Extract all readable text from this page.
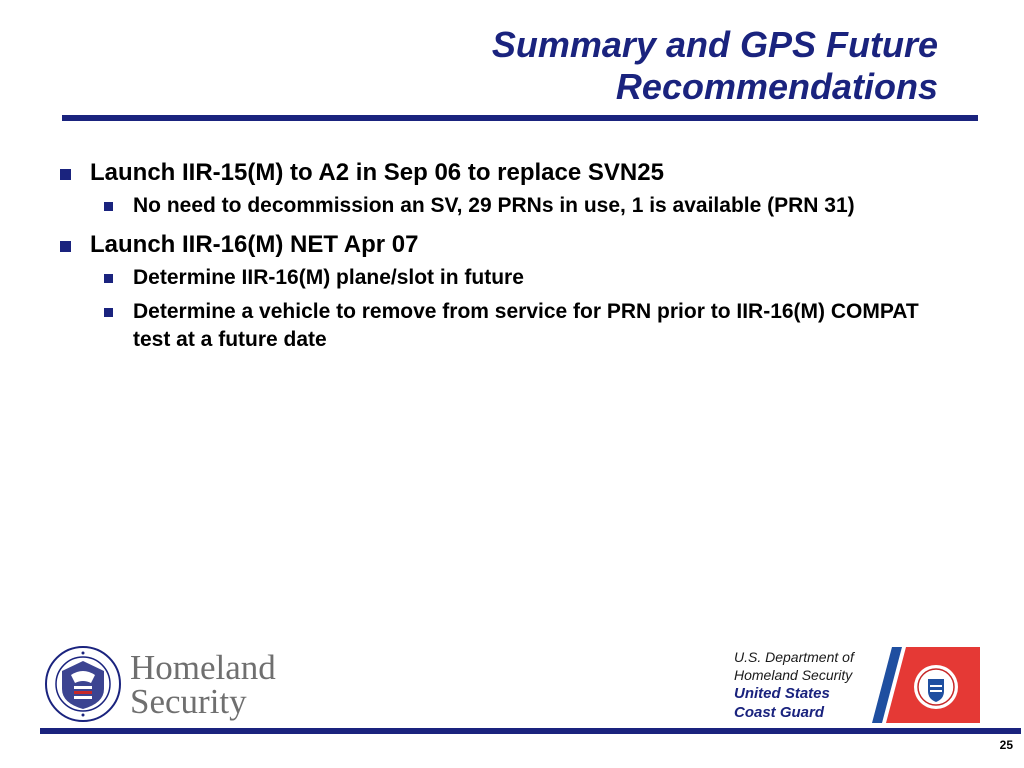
Summary and GPS Future
Recommendations
Launch IIR-15(M) to A2 in Sep 06 to replace SVN25
No need to decommission an SV, 29 PRNs in use, 1 is available (PRN 31)
Launch IIR-16(M) NET Apr 07
Determine IIR-16(M) plane/slot in future
Determine a vehicle to remove from service for PRN prior to IIR-16(M) COMPAT test at a future date
Homeland
Security
U.S. Department of
Homeland Security
United States
Coast Guard
25
